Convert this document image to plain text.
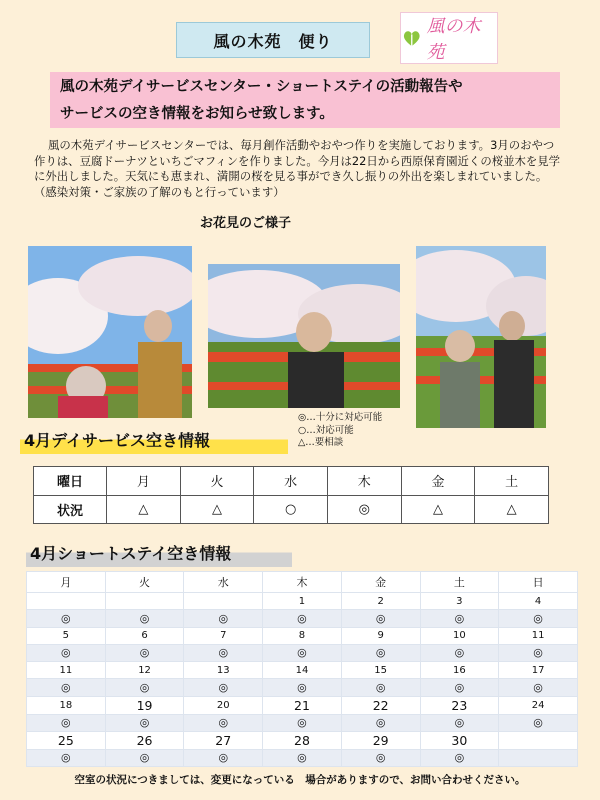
風の木苑　便り
風の木苑
風の木苑デイサービスセンター・ショートステイの活動報告や
サービスの空き情報をお知らせ致します。
風の木苑デイサービスセンターでは、毎月創作活動やおやつ作りを実施しております。3月のおやつ作りは、豆腐ドーナツといちごマフィンを作りました。今月は22日から西原保育園近くの桜並木を見学に外出しました。天気にも恵まれ、満開の桜を見る事ができ久し振りの外出を楽しまれていました。（感染対策・ご家族の了解のもと行っています）
お花見のご様子
◎…十分に対応可能
○…対応可能
△…要相談
4月デイサービス空き情報
曜日	月	火	水	木	金	土
状況	△	△	○	◎	△	△
4月ショートステイ空き情報
月	火	水	木	金	土	日
			1	2	3	4
◎	◎	◎	◎	◎	◎	◎
5	6	7	8	9	10	11
◎	◎	◎	◎	◎	◎	◎
11	12	13	14	15	16	17
◎	◎	◎	◎	◎	◎	◎
18	19	20	21	22	23	24
◎	◎	◎	◎	◎	◎	◎
25	26	27	28	29	30	
◎	◎	◎	◎	◎	◎	
空室の状況につきましては、変更になっている　場合がありますので、お問い合わせください。
